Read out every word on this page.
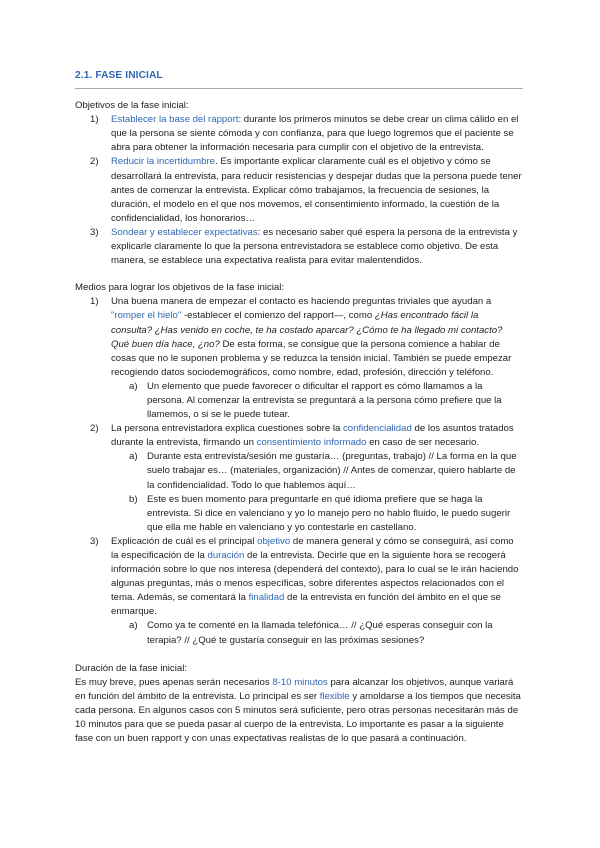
2.1. FASE INICIAL

Objetivos de la fase inicial:

1) Establecer la base del rapport: durante los primeros minutos se debe crear un clima cálido en el que la persona se siente cómoda y con confianza, para que luego logremos que el paciente se abra para obtener la información necesaria para cumplir con el objetivo de la entrevista.
2) Reducir la incertidumbre. Es importante explicar claramente cuál es el objetivo y cómo se desarrollará la entrevista, para reducir resistencias y despejar dudas que la persona puede tener antes de comenzar la entrevista. Explicar cómo trabajamos, la frecuencia de sesiones, la duración, el modelo en el que nos movemos, el consentimiento informado, la cuestión de la confidencialidad, los honorarios…
3) Sondear y establecer expectativas: es necesario saber qué espera la persona de la entrevista y explicarle claramente lo que la persona entrevistadora se establece como objetivo. De esta manera, se establece una expectativa realista para evitar malentendidos.

Medios para lograr los objetivos de la fase inicial:

1) Una buena manera de empezar el contacto es haciendo preguntas triviales que ayudan a "romper el hielo" -establecer el comienzo del rapport—, como ¿Has encontrado fácil la consulta? ¿Has venido en coche, te ha costado aparcar? ¿Cómo te ha llegado mi contacto? Qué buen día hace, ¿no? De esta forma, se consigue que la persona comience a hablar de cosas que no le suponen problema y se reduzca la tensión inicial. También se puede empezar recogiendo datos sociodemográficos, como nombre, edad, profesión, dirección y teléfono.
a) Un elemento que puede favorecer o dificultar el rapport es cómo llamamos a la persona. Al comenzar la entrevista se preguntará a la persona cómo prefiere que la llamemos, o si se le puede tutear.
2) La persona entrevistadora explica cuestiones sobre la confidencialidad de los asuntos tratados durante la entrevista, firmando un consentimiento informado en caso de ser necesario.
a) Durante esta entrevista/sesión me gustaría… (preguntas, trabajo) // La forma en la que suelo trabajar es… (materiales, organización) // Antes de comenzar, quiero hablarte de la confidencialidad. Todo lo que hablemos aquí…
b) Este es buen momento para preguntarle en qué idioma prefiere que se haga la entrevista. Si dice en valenciano y yo lo manejo pero no hablo fluido, le puedo sugerir que ella me hable en valenciano y yo contestarle en castellano.
3) Explicación de cuál es el principal objetivo de manera general y cómo se conseguirá, así como la especificación de la duración de la entrevista. Decirle que en la siguiente hora se recogerá información sobre lo que nos interesa (dependerá del contexto), para lo cual se le irán haciendo algunas preguntas, más o menos específicas, sobre diferentes aspectos relacionados con el tema. Además, se comentará la finalidad de la entrevista en función del ámbito en el que se enmarque.
a) Como ya te comenté en la llamada telefónica… // ¿Qué esperas conseguir con la terapia? // ¿Qué te gustaría conseguir en las próximas sesiones?

Duración de la fase inicial:

Es muy breve, pues apenas serán necesarios 8-10 minutos para alcanzar los objetivos, aunque variará en función del ámbito de la entrevista. Lo principal es ser flexible y amoldarse a los tiempos que necesita cada persona. En algunos casos con 5 minutos será suficiente, pero otras personas necesitarán más de 10 minutos para que se pueda pasar al cuerpo de la entrevista. Lo importante es pasar a la siguiente fase con un buen rapport y con unas expectativas realistas de lo que pasará a continuación.
